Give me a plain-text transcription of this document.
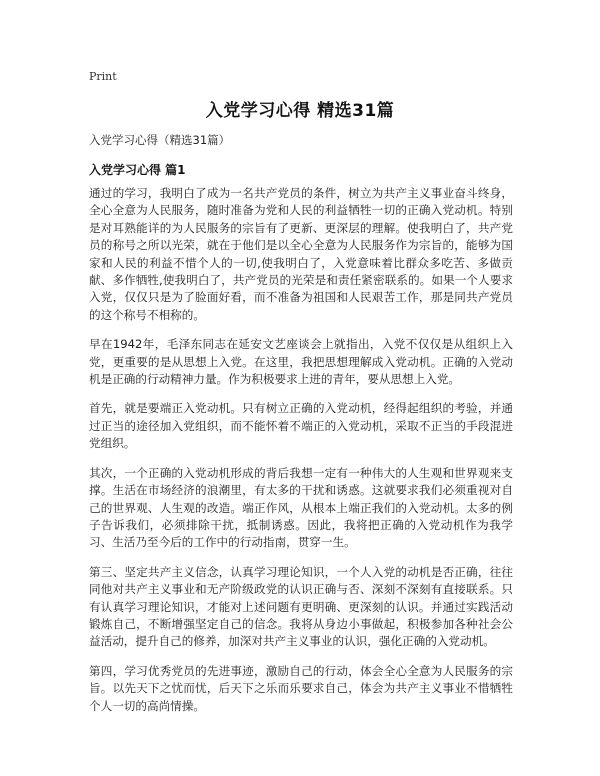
Print
入党学习心得 精选31篇
入党学习心得（精选31篇）
入党学习心得 篇1

通过的学习，我明白了成为一名共产党员的条件，树立为共产主义事业奋斗终身，全心全意为人民服务，随时准备为党和人民的利益牺牲一切的正确入党动机。特别是对耳熟能详的为人民服务的宗旨有了更新、更深层的理解。使我明白了，共产党员的称号之所以光荣，就在于他们是以全心全意为人民服务作为宗旨的，能够为国家和人民的利益不惜个人的一切,使我明白了，入党意味着比群众多吃苦、多做贡献、多作牺牲,使我明白了，共产党员的光荣是和责任紧密联系的。如果一个人要求入党，仅仅只是为了脸面好看，而不准备为祖国和人民艰苦工作，那是同共产党员的这个称号不相称的。

早在1942年，毛泽东同志在延安文艺座谈会上就指出，入党不仅仅是从组织上入党，更重要的是从思想上入党。在这里，我把思想理解成入党动机。正确的入党动机是正确的行动精神力量。作为积极要求上进的青年，要从思想上入党。

首先，就是要端正入党动机。只有树立正确的入党动机，经得起组织的考验，并通过正当的途径加入党组织，而不能怀着不端正的入党动机，采取不正当的手段混进党组织。

其次，一个正确的入党动机形成的背后我想一定有一种伟大的人生观和世界观来支撑。生活在市场经济的浪潮里，有太多的干扰和诱惑。这就要求我们必须重视对自己的世界观、人生观的改造。端正作风，从根本上端正我们的入党动机。太多的例子告诉我们，必须排除干扰，抵制诱惑。因此，我将把正确的入党动机作为我学习、生活乃至今后的工作中的行动指南，贯穿一生。

第三、坚定共产主义信念，认真学习理论知识，一个人入党的动机是否正确，往往同他对共产主义事业和无产阶级政党的认识正确与否、深刻不深刻有直接联系。只有认真学习理论知识，才能对上述问题有更明确、更深刻的认识。并通过实践活动锻炼自己，不断增强坚定自己的信念。我将从身边小事做起，积极参加各种社会公益活动，提升自己的修养，加深对共产主义事业的认识，强化正确的入党动机。

第四，学习优秀党员的先进事迹，激励自己的行动，体会全心全意为人民服务的宗旨。以先天下之忧而忧，后天下之乐而乐要求自己，体会为共产主义事业不惜牺牲个人一切的高尚情操。
